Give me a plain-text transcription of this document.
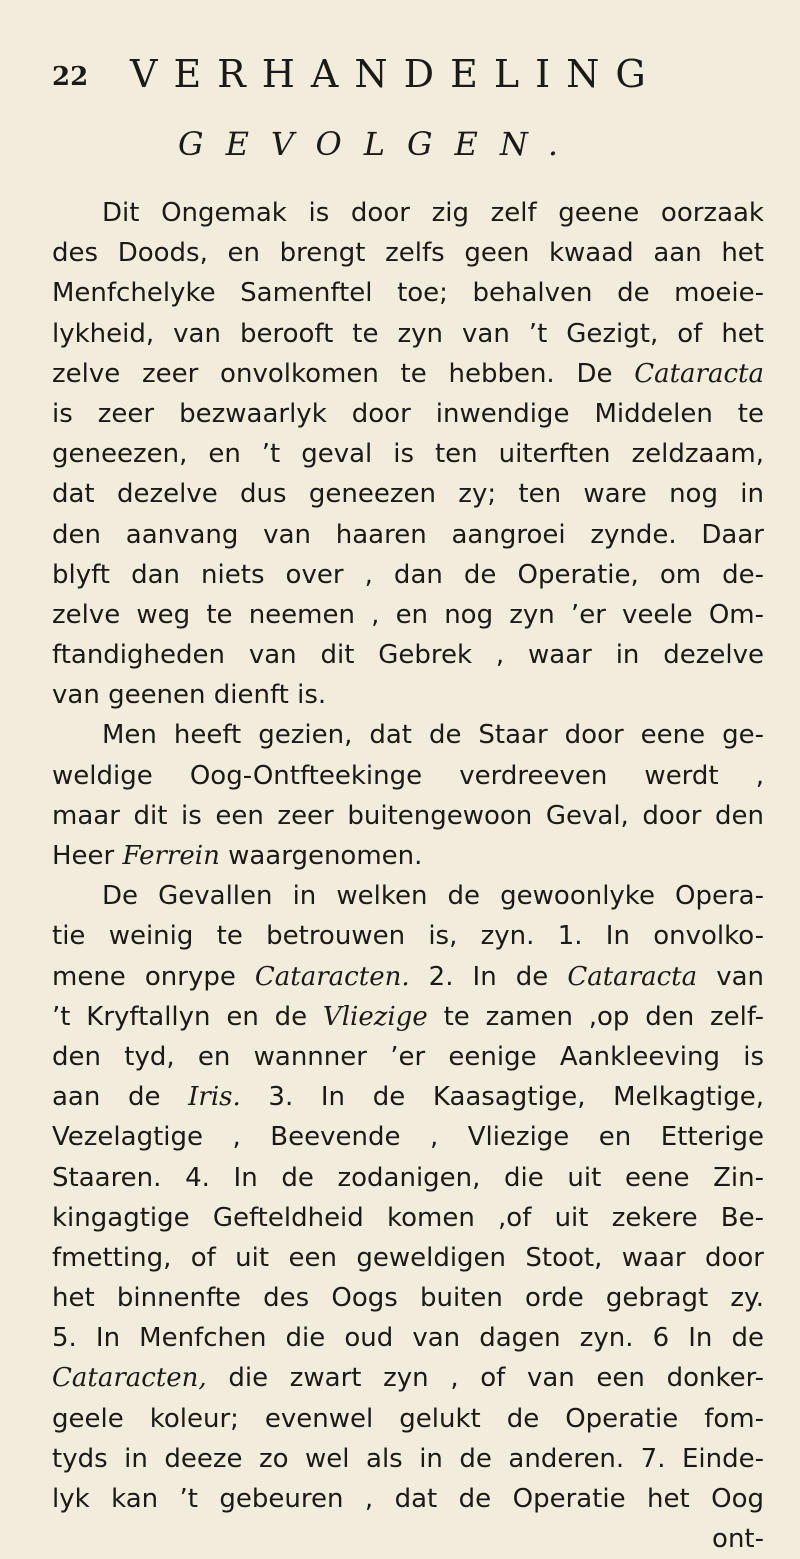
22 VERHANDELING
GEVOLGEN.
Dit Ongemak is door zig zelf geene oorzaak
des Doods, en brengt zelfs geen kwaad aan het
Menfchelyke Samenftel toe; behalven de moeie-
lykheid, van berooft te zyn van ’t Gezigt, of het
zelve zeer onvolkomen te hebben. De Cataracta
is zeer bezwaarlyk door inwendige Middelen te
geneezen, en ’t geval is ten uiterften zeldzaam,
dat dezelve dus geneezen zy; ten ware nog in
den aanvang van haaren aangroei zynde. Daar
blyft dan niets over , dan de Operatie, om de-
zelve weg te neemen , en nog zyn ’er veele Om-
ftandigheden van dit Gebrek , waar in dezelve
van geenen dienft is.
Men heeft gezien, dat de Staar door eene ge-
weldige Oog-Ontfteekinge verdreeven werdt ,
maar dit is een zeer buitengewoon Geval, door den
Heer Ferrein waargenomen.
De Gevallen in welken de gewoonlyke Opera-
tie weinig te betrouwen is, zyn. 1. In onvolko-
mene onrype Cataracten. 2. In de Cataracta van
’t Kryftallyn en de Vliezige te zamen ,op den zelf-
den tyd, en wannner ’er eenige Aankleeving is
aan de Iris. 3. In de Kaasagtige, Melkagtige,
Vezelagtige , Beevende , Vliezige en Etterige
Staaren. 4. In de zodanigen, die uit eene Zin-
kingagtige Gefteldheid komen ,of uit zekere Be-
fmetting, of uit een geweldigen Stoot, waar door
het binnenfte des Oogs buiten orde gebragt zy.
5. In Menfchen die oud van dagen zyn. 6 In de
Cataracten, die zwart zyn , of van een donker-
geele koleur; evenwel gelukt de Operatie fom-
tyds in deeze zo wel als in de anderen. 7. Einde-
lyk kan ’t gebeuren , dat de Operatie het Oog
ont-
